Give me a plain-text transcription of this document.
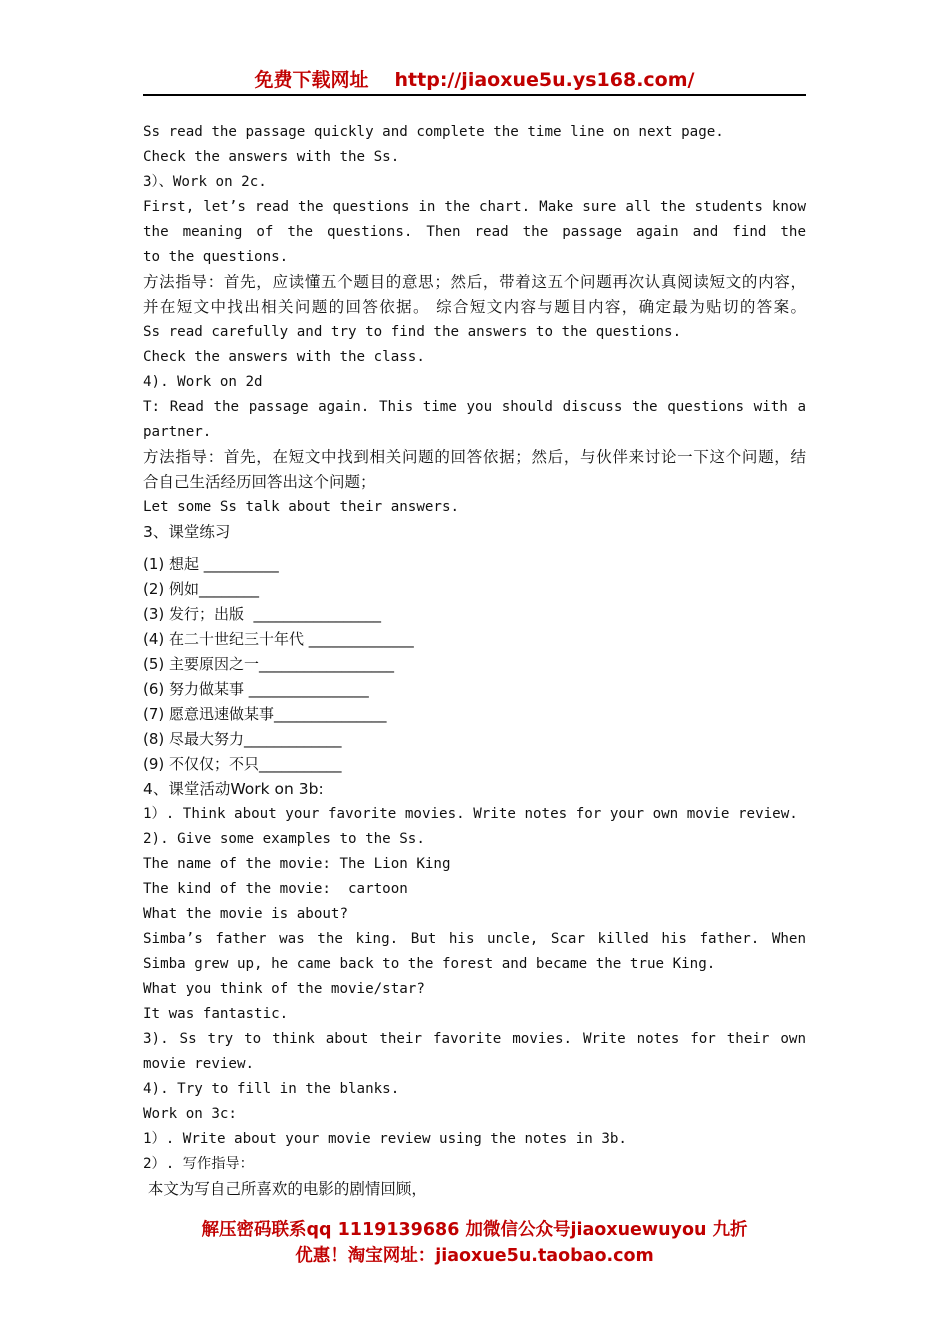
免费下载网址 http://jiaoxue5u.ys168.com/
Ss read the passage quickly and complete the time line on next page.
Check the answers with the Ss.
3）、Work on 2c.
First, let’s read the questions in the chart. Make sure all the students know
the meaning of the questions. Then read the passage again and find the
to the questions.
方法指导：首先，应读懂五个题目的意思；然后，带着这五个问题再次认真阅读短文的内容，
并在短文中找出相关问题的回答依据。 综合短文内容与题目内容，确定最为贴切的答案。
Ss read carefully and try to find the answers to the questions.
Check the answers with the class.
4). Work on 2d
T: Read the passage again. This time you should discuss the questions with a
partner.
方法指导：首先，在短文中找到相关问题的回答依据；然后，与伙伴来讨论一下这个问题，结
合自己生活经历回答出这个问题；
Let some Ss talk about their answers.
3、课堂练习
(1) 想起 __________
(2) 例如________
(3) 发行；出版  _________________
(4) 在二十世纪三十年代 ______________
(5) 主要原因之一__________________
(6) 努力做某事 ________________
(7) 愿意迅速做某事_______________
(8) 尽最大努力_____________
(9) 不仅仅；不只___________
4、课堂活动Work on 3b:
1）. Think about your favorite movies. Write notes for your own movie review.
2). Give some examples to the Ss.
The name of the movie: The Lion King
The kind of the movie:  cartoon
What the movie is about?
Simba’s father was the king. But his uncle, Scar killed his father. When
Simba grew up, he came back to the forest and became the true King.
What you think of the movie/star?
It was fantastic.
3). Ss try to think about their favorite movies. Write notes for their own
movie review.
4). Try to fill in the blanks.
Work on 3c:
1）. Write about your movie review using the notes in 3b.
2）. 写作指导：
本文为写自己所喜欢的电影的剧情回顾，
解压密码联系qq 1119139686 加微信公众号jiaoxuewuyou 九折
优惠！淘宝网址：jiaoxue5u.taobao.com
